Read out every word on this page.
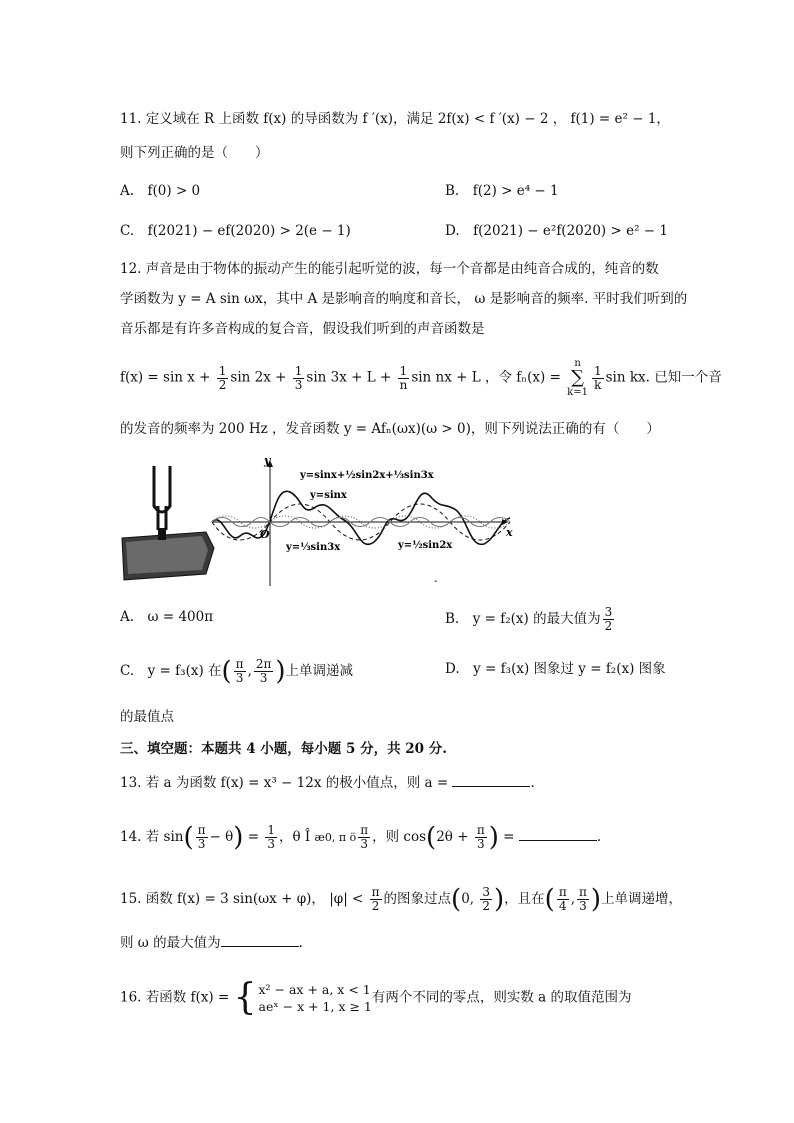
11. 定义域在 R 上函数 f(x) 的导函数为 f ′(x)，满足 2f(x) < f ′(x) − 2 ， f(1) = e² − 1，
则下列正确的是（　　）
A.　f(0) > 0	B.　f(2) > e⁴ − 1
C.　f(2021) − ef(2020) > 2(e − 1)	D.　f(2021) − e²f(2020) > e² − 1
12. 声音是由于物体的振动产生的能引起听觉的波，每一个音都是由纯音合成的，纯音的数
学函数为 y = A sin ωx，其中 A 是影响音的响度和音长， ω 是影响音的频率. 平时我们听到的
音乐都是有许多音构成的复合音，假设我们听到的声音函数是
$f(x) = \sin x + \frac{1}{2}$ $\sin 2x + \frac{1}{3}$ $\sin 3x + L + \frac{1}{n}$ sin nx + L ，令 fₙ(x) =
n
∑
k=1
$\frac{1}{k}$ sin kx. 已知一个音
的发音的频率为 200 Hz ，发音函数 y = Afₙ(ωx)(ω > 0)，则下列说法正确的有（　　）
y
x
O
y=sinx+½sin2x+⅓sin3x
y=sinx
y=⅓sin3x	y=½sin2x
-
A.　ω = 400π	B.　y = f₂(x) 的最大值为 $\frac{3}{2}$
C.　y = f₃(x) 在( $\frac{\pi}{3}$ , $\frac{2\pi}{3}$ )上单调递减	D.　y = f₃(x) 图象过 y = f₂(x) 图象
的最值点
三、填空题：本题共 4 小题，每小题 5 分，共 20 分.
13. 若 a 为函数 f(x) = x³ − 12x 的极小值点，则 a =	.
14. 若 $\sin( \frac{\pi}{3} - \theta) = \frac{1}{3}$ ，θ Î æ0, π ö $\frac{\pi}{3}$ ，则 $\cos(2\theta + \frac{\pi}{3}$ ) =	.
15. 函数 f(x) = 3 sin(ωx + φ)， $|\varphi| < \frac{\pi}{2}$ 的图象过点(0, $\frac{3}{2}$ )，且在( $\frac{\pi}{4}$ , $\frac{\pi}{3}$ )上单调递增，
则 ω 的最大值为	.
16. 若函数 f(x) = { x² − ax + a, x < 1
aeˣ − x + 1, x ≥ 1
有两个不同的零点，则实数 a 的取值范围为
